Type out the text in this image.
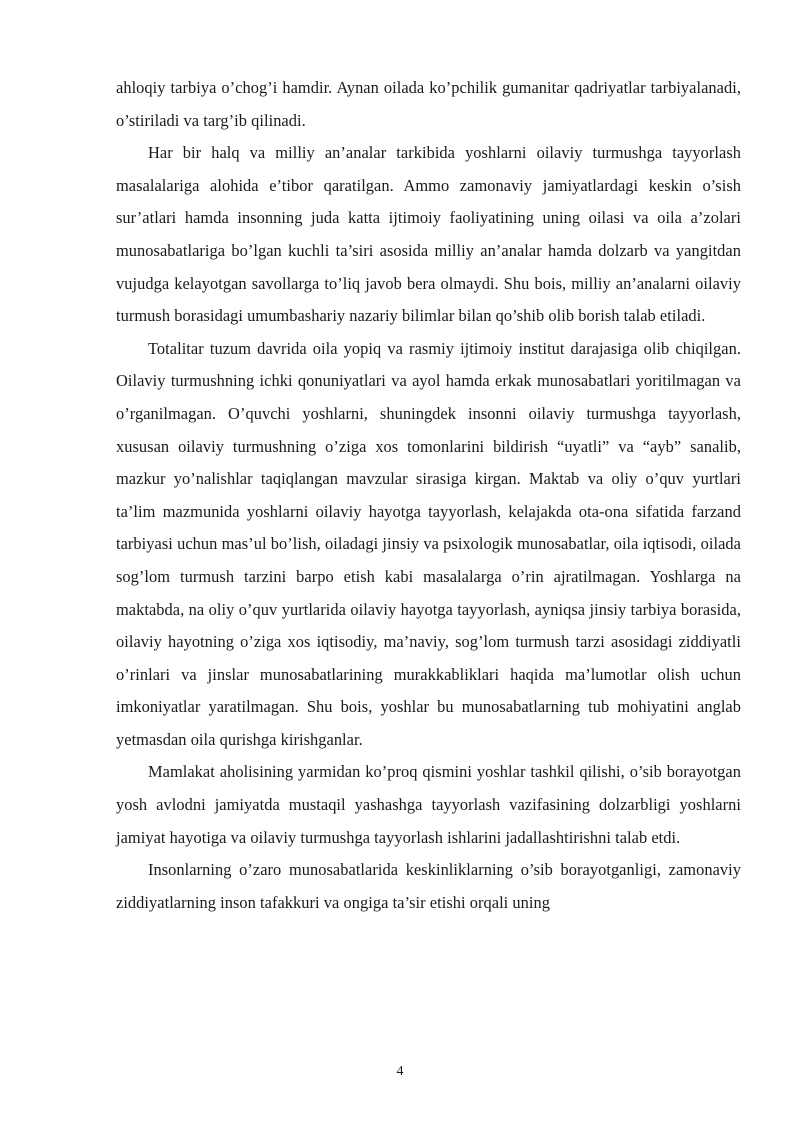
ahloqiy tarbiya o’chog’i hamdir. Aynan oilada ko’pchilik gumanitar qadriyatlar tarbiyalanadi, o’stiriladi va targ’ib qilinadi.

Har bir halq va milliy an’analar tarkibida yoshlarni oilaviy turmushga tayyorlash masalalariga alohida e’tibor qaratilgan. Ammo zamonaviy jamiyatlardagi keskin o’sish sur’atlari hamda insonning juda katta ijtimoiy faoliyatining uning oilasi va oila a’zolari munosabatlariga bo’lgan kuchli ta’siri asosida milliy an’analar hamda dolzarb va yangitdan vujudga kelayotgan savollarga to’liq javob bera olmaydi. Shu bois, milliy an’analarni oilaviy turmush borasidagi umumbashariy nazariy bilimlar bilan qo’shib olib borish talab etiladi.

Totalitar tuzum davrida oila yopiq va rasmiy ijtimoiy institut darajasiga olib chiqilgan. Oilaviy turmushning ichki qonuniyatlari va ayol hamda erkak munosabatlari yoritilmagan va o’rganilmagan. O’quvchi yoshlarni, shuningdek insonni oilaviy turmushga tayyorlash, xususan oilaviy turmushning o’ziga xos tomonlarini bildirish “uyatli” va “ayb” sanalib, mazkur yo’nalishlar taqiqlangan mavzular sirasiga kirgan. Maktab va oliy o’quv yurtlari ta’lim mazmunida yoshlarni oilaviy hayotga tayyorlash, kelajakda ota-ona sifatida farzand tarbiyasi uchun mas’ul bo’lish, oiladagi jinsiy va psixologik munosabatlar, oila iqtisodi, oilada sog’lom turmush tarzini barpo etish kabi masalalarga o’rin ajratilmagan. Yoshlarga na maktabda, na oliy o’quv yurtlarida oilaviy hayotga tayyorlash, ayniqsa jinsiy tarbiya borasida, oilaviy hayotning o’ziga xos iqtisodiy, ma’naviy, sog’lom turmush tarzi asosidagi ziddiyatli o’rinlari va jinslar munosabatlarining murakkabliklari haqida ma’lumotlar olish uchun imkoniyatlar yaratilmagan. Shu bois, yoshlar bu munosabatlarning tub mohiyatini anglab yetmasdan oila qurishga kirishganlar.

Mamlakat aholisining yarmidan ko’proq qismini yoshlar tashkil qilishi, o’sib borayotgan yosh avlodni jamiyatda mustaqil yashashga tayyorlash vazifasining dolzarbligi yoshlarni jamiyat hayotiga va oilaviy turmushga tayyorlash ishlarini jadallashtirishni talab etdi.

Insonlarning o’zaro munosabatlarida keskinliklarning o’sib borayotganligi, zamonaviy ziddiyatlarning inson tafakkuri va ongiga ta’sir etishi orqali uning

4
